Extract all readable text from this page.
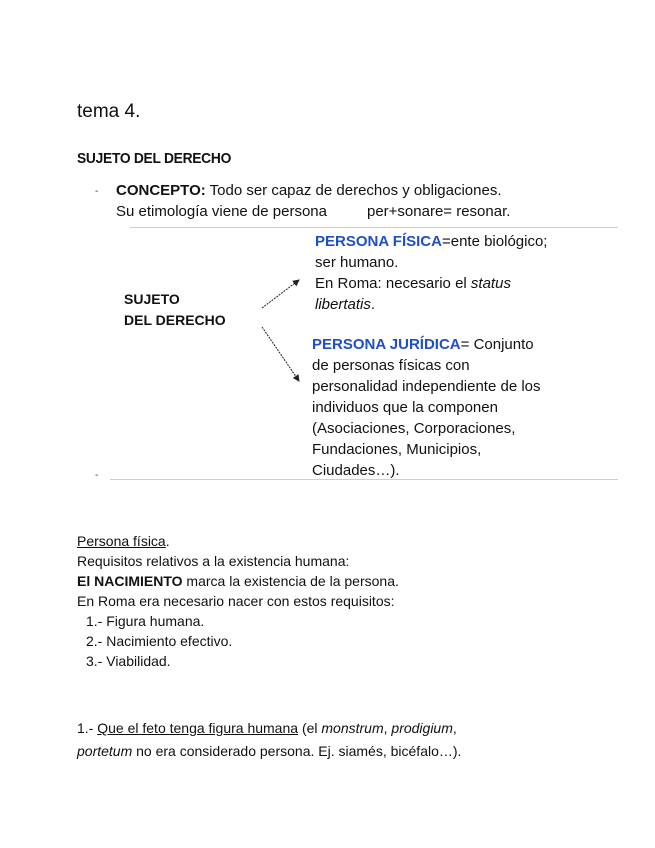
tema 4.
SUJETO DEL DERECHO
- CONCEPTO: Todo ser capaz de derechos y obligaciones.
Su etimología viene de persona	per+sonare= resonar.
SUJETO
DEL DERECHO
PERSONA FÍSICA=ente biológico;
ser humano.
En Roma: necesario el status
libertatis.
PERSONA JURÍDICA= Conjunto
de personas físicas con
personalidad independiente de los
individuos que la componen
(Asociaciones, Corporaciones,
Fundaciones, Municipios,
Ciudades…).
-
Persona física.
Requisitos relativos a la existencia humana:
El NACIMIENTO marca la existencia de la persona.
En Roma era necesario nacer con estos requisitos:
1.- Figura humana.
2.- Nacimiento efectivo.
3.- Viabilidad.
1.- Que el feto tenga figura humana (el monstrum, prodigium,
portetum no era considerado persona. Ej. siamés, bicéfalo…).
